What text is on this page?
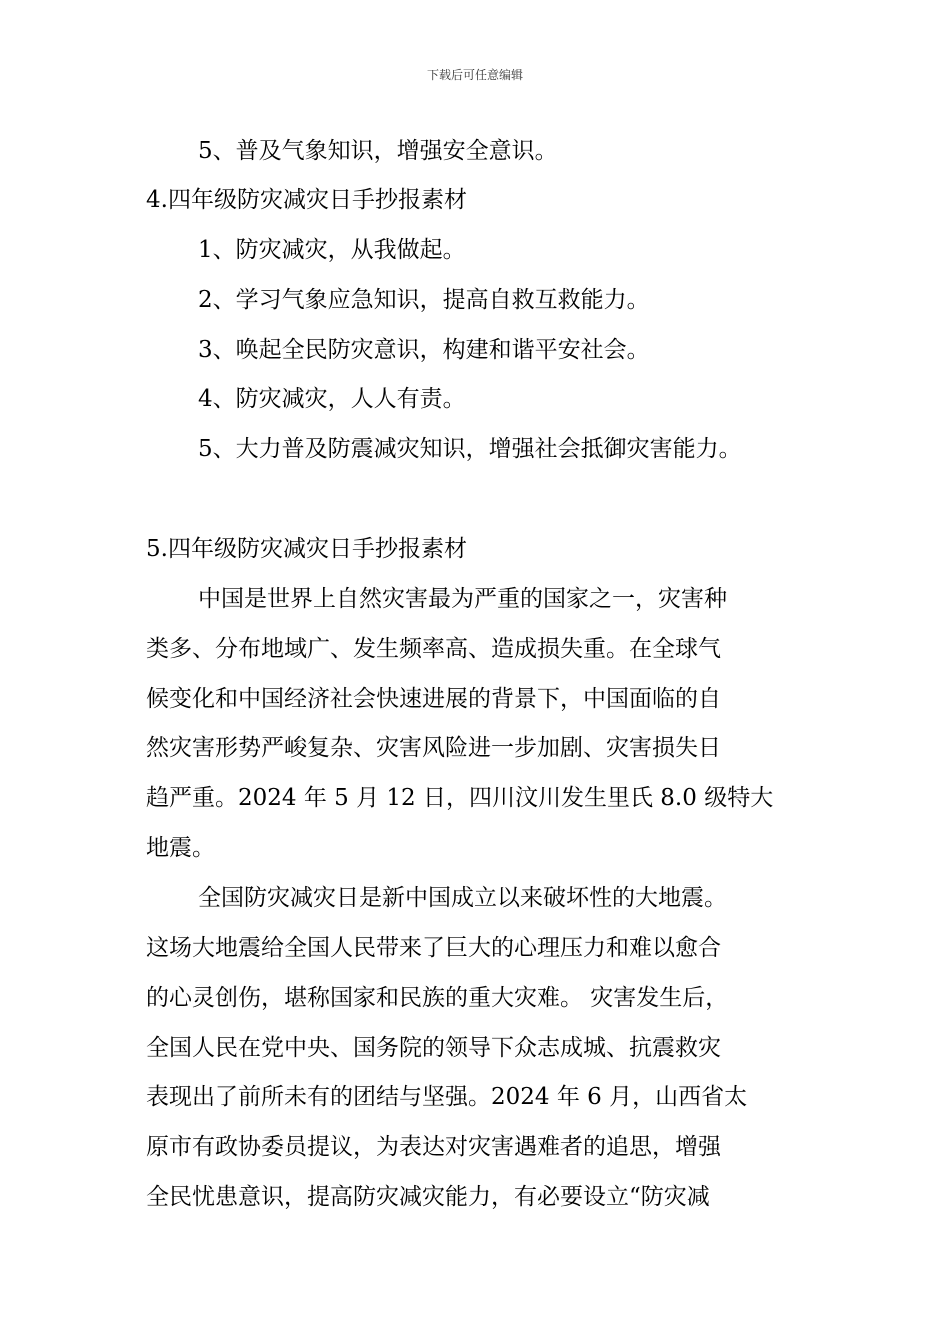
下载后可任意编辑
5、普及气象知识，增强安全意识。
4.四年级防灾减灾日手抄报素材
1、防灾减灾，从我做起。
2、学习气象应急知识，提高自救互救能力。
3、唤起全民防灾意识，构建和谐平安社会。
4、防灾减灾，人人有责。
5、大力普及防震减灾知识，增强社会抵御灾害能力。
5.四年级防灾减灾日手抄报素材
中国是世界上自然灾害最为严重的国家之一，灾害种
类多、分布地域广、发生频率高、造成损失重。在全球气
候变化和中国经济社会快速进展的背景下，中国面临的自
然灾害形势严峻复杂、灾害风险进一步加剧、灾害损失日
趋严重。2024 年 5 月 12 日，四川汶川发生里氏 8.0 级特大
地震。
全国防灾减灾日是新中国成立以来破坏性的大地震。
这场大地震给全国人民带来了巨大的心理压力和难以愈合
的心灵创伤，堪称国家和民族的重大灾难。 灾害发生后，
全国人民在党中央、国务院的领导下众志成城、抗震救灾
表现出了前所未有的团结与坚强。2024 年 6 月，山西省太
原市有政协委员提议，为表达对灾害遇难者的追思，增强
全民忧患意识，提高防灾减灾能力，有必要设立“防灾减
